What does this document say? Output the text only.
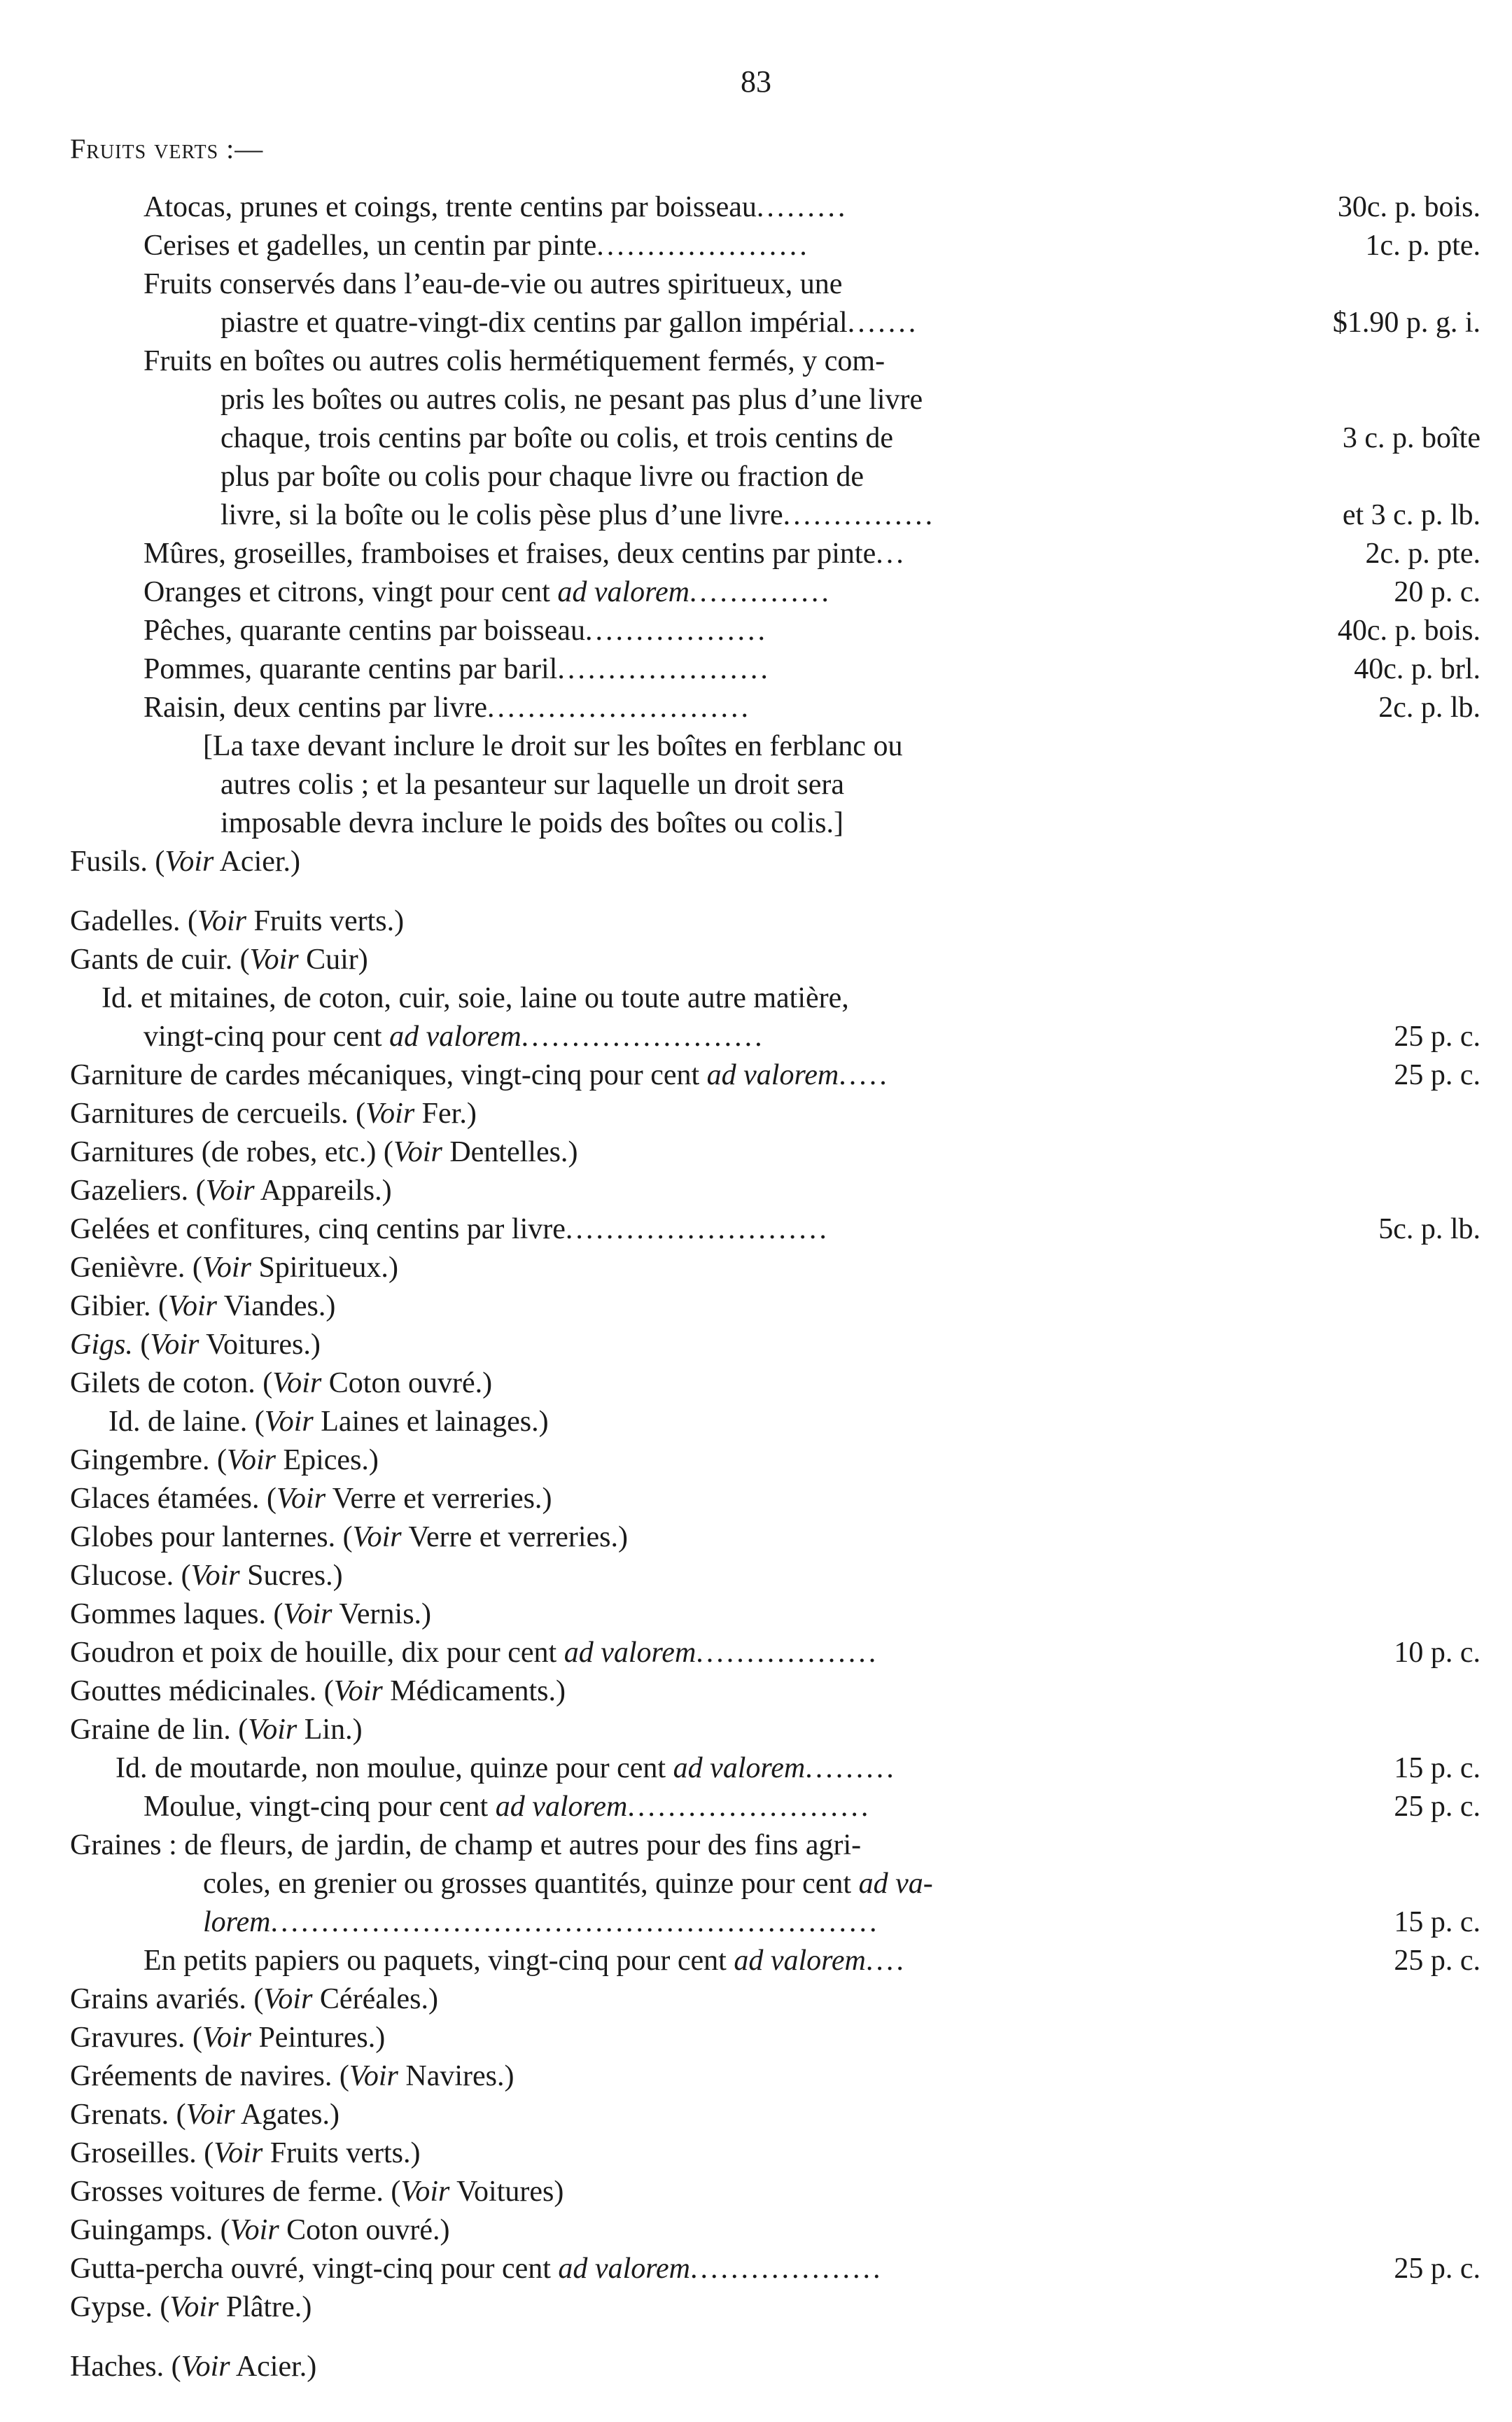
83
Fruits verts :—
Atocas, prunes et coings, trente centins par boisseau.........	30c. p. bois.
Cerises et gadelles, un centin par pinte.....................	1c. p. pte.
Fruits conservés dans l’eau-de-vie ou autres spiritueux, une
piastre et quatre-vingt-dix centins par gallon impérial.......	$1.90 p. g. i.
Fruits en boîtes ou autres colis hermétiquement fermés, y com-
pris les boîtes ou autres colis, ne pesant pas plus d’une livre
chaque, trois centins par boîte ou colis, et trois centins de	3 c. p. boîte
plus par boîte ou colis pour chaque livre ou fraction de
livre, si la boîte ou le colis pèse plus d’une livre...............	et 3 c. p. lb.
Mûres, groseilles, framboises et fraises, deux centins par pinte...	2c. p. pte.
Oranges et citrons, vingt pour cent ad valorem..............	20 p. c.
Pêches, quarante centins par boisseau..................	40c. p. bois.
Pommes, quarante centins par baril.....................	40c. p. brl.
Raisin, deux centins par livre..........................	2c. p. lb.
[La taxe devant inclure le droit sur les boîtes en ferblanc ou
autres colis ; et la pesanteur sur laquelle un droit sera
imposable devra inclure le poids des boîtes ou colis.]
Fusils. (Voir Acier.)
Gadelles. (Voir Fruits verts.)
Gants de cuir. (Voir Cuir)
Id. et mitaines, de coton, cuir, soie, laine ou toute autre matière,
vingt-cinq pour cent ad valorem........................	25 p. c.
Garniture de cardes mécaniques, vingt-cinq pour cent ad valorem.....	25 p. c.
Garnitures de cercueils. (Voir Fer.)
Garnitures (de robes, etc.) (Voir Dentelles.)
Gazeliers. (Voir Appareils.)
Gelées et confitures, cinq centins par livre..........................	5c. p. lb.
Genièvre. (Voir Spiritueux.)
Gibier. (Voir Viandes.)
Gigs. (Voir Voitures.)
Gilets de coton. (Voir Coton ouvré.)
Id. de laine. (Voir Laines et lainages.)
Gingembre. (Voir Epices.)
Glaces étamées. (Voir Verre et verreries.)
Globes pour lanternes. (Voir Verre et verreries.)
Glucose. (Voir Sucres.)
Gommes laques. (Voir Vernis.)
Goudron et poix de houille, dix pour cent ad valorem..................	10 p. c.
Gouttes médicinales. (Voir Médicaments.)
Graine de lin. (Voir Lin.)
Id. de moutarde, non moulue, quinze pour cent ad valorem.........	15 p. c.
Moulue, vingt-cinq pour cent ad valorem........................	25 p. c.
Graines : de fleurs, de jardin, de champ et autres pour des fins agri-
coles, en grenier ou grosses quantités, quinze pour cent ad va-
lorem............................................................	15 p. c.
En petits papiers ou paquets, vingt-cinq pour cent ad valorem....	25 p. c.
Grains avariés. (Voir Céréales.)
Gravures. (Voir Peintures.)
Gréements de navires. (Voir Navires.)
Grenats. (Voir Agates.)
Groseilles. (Voir Fruits verts.)
Grosses voitures de ferme. (Voir Voitures)
Guingamps. (Voir Coton ouvré.)
Gutta-percha ouvré, vingt-cinq pour cent ad valorem...................	25 p. c.
Gypse. (Voir Plâtre.)
Haches. (Voir Acier.)
